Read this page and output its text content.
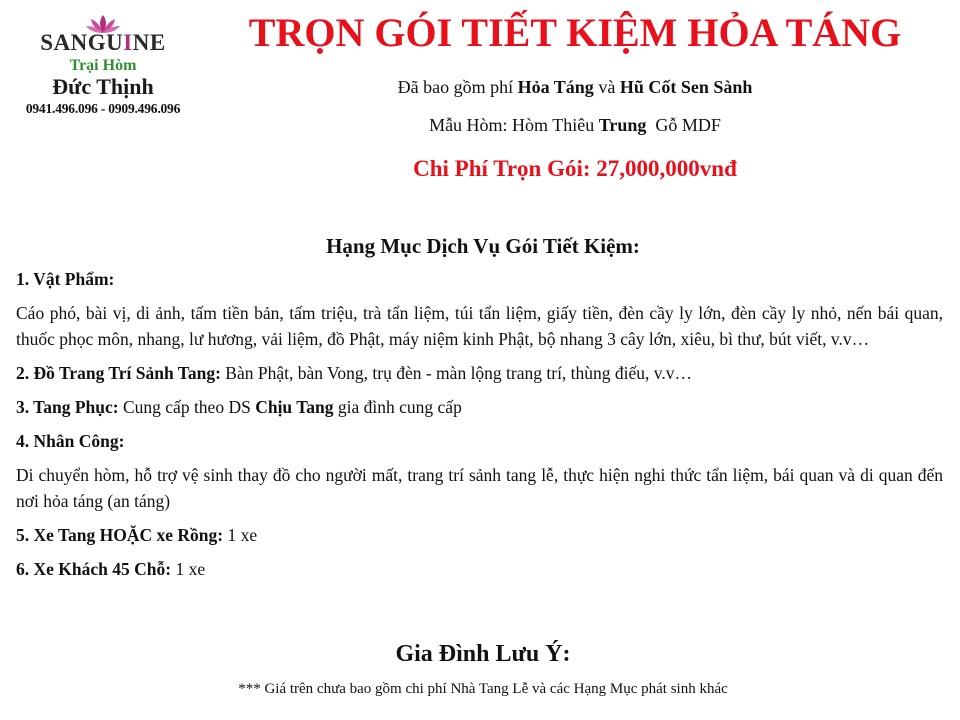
SANGUINE
Trại Hòm
Đức Thịnh
0941.496.096 - 0909.496.096
TRỌN GÓI TIẾT KIỆM HỎA TÁNG
Đã bao gồm phí Hỏa Táng và Hũ Cốt Sen Sành
Mẫu Hòm: Hòm Thiêu Trung  Gỗ MDF
Chi Phí Trọn Gói: 27,000,000vnđ
Hạng Mục Dịch Vụ Gói Tiết Kiệm:

1. Vật Phẩm:

Cáo phó, bài vị, di ảnh, tấm tiền bản, tấm triệu, trà tẩn liệm, túi tẩn liệm, giấy tiền, đèn cầy ly lớn, đèn cầy ly nhỏ, nến bái quan, thuốc phọc môn, nhang, lư hương, vải liệm, đồ Phật, máy niệm kinh Phật, bộ nhang 3 cây lớn, xiêu, bì thư, bút viết, v.v…

2. Đồ Trang Trí Sảnh Tang: Bàn Phật, bàn Vong, trụ đèn - màn lộng trang trí, thùng điếu, v.v…

3. Tang Phục: Cung cấp theo DS Chịu Tang gia đình cung cấp

4. Nhân Công:

Di chuyển hòm, hỗ trợ vệ sinh thay đồ cho người mất, trang trí sảnh tang lễ, thực hiện nghi thức tẩn liệm, bái quan và di quan đến nơi hỏa táng (an táng)

5. Xe Tang HOẶC xe Rồng: 1 xe

6. Xe Khách 45 Chỗ: 1 xe

Gia Đình Lưu Ý:
*** Giá trên chưa bao gồm chi phí Nhà Tang Lễ và các Hạng Mục phát sinh khác
